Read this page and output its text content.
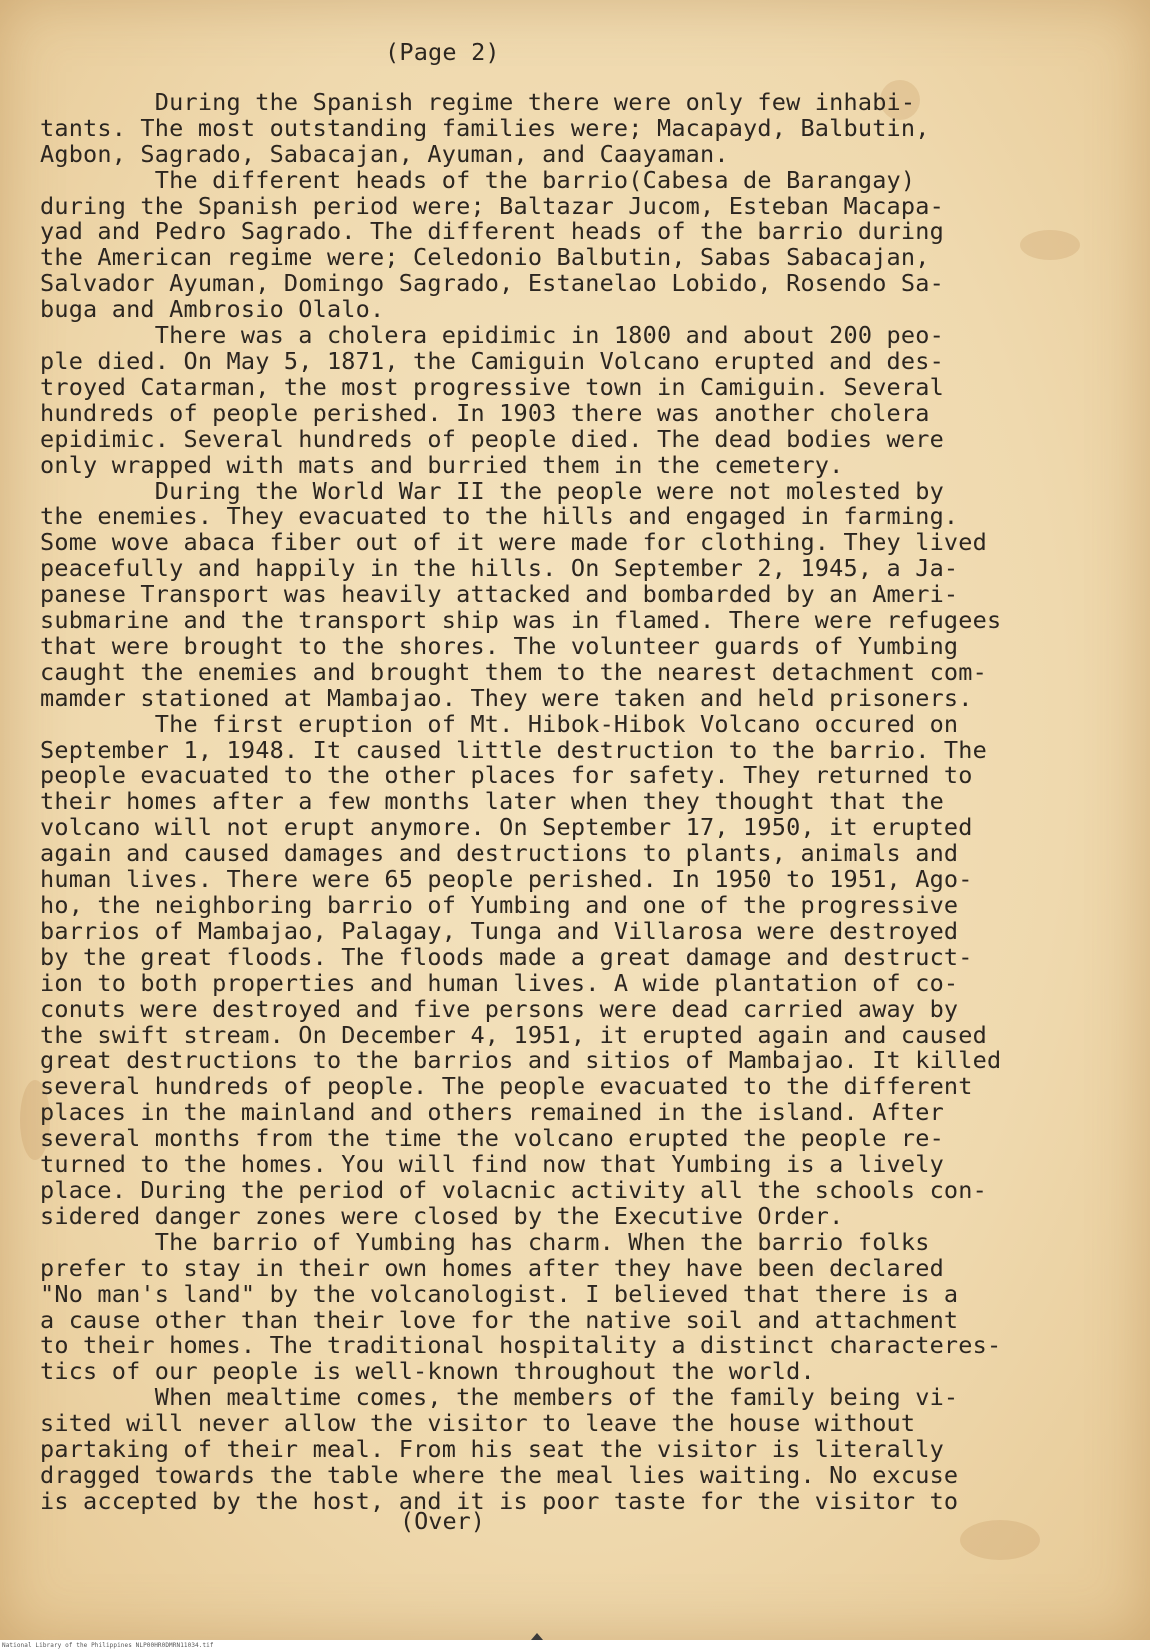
(Page 2)
During the Spanish regime there were only few inhabi-
tants. The most outstanding families were; Macapayd, Balbutin,
Agbon, Sagrado, Sabacajan, Ayuman, and Caayaman.
The different heads of the barrio(Cabesa de Barangay)
during the Spanish period were; Baltazar Jucom, Esteban Macapa-
yad and Pedro Sagrado. The different heads of the barrio during
the American regime were; Celedonio Balbutin, Sabas Sabacajan,
Salvador Ayuman, Domingo Sagrado, Estanelao Lobido, Rosendo Sa-
buga and Ambrosio Olalo.
There was a cholera epidimic in 1800 and about 200 peo-
ple died. On May 5, 1871, the Camiguin Volcano erupted and des-
troyed Catarman, the most progressive town in Camiguin. Several
hundreds of people perished. In 1903 there was another cholera
epidimic. Several hundreds of people died. The dead bodies were
only wrapped with mats and burried them in the cemetery.
During the World War II the people were not molested by
the enemies. They evacuated to the hills and engaged in farming.
Some wove abaca fiber out of it were made for clothing. They lived
peacefully and happily in the hills. On September 2, 1945, a Ja-
panese Transport was heavily attacked and bombarded by an Ameri-
submarine and the transport ship was in flamed. There were refugees
that were brought to the shores. The volunteer guards of Yumbing
caught the enemies and brought them to the nearest detachment com-
mamder stationed at Mambajao. They were taken and held prisoners.
The first eruption of Mt. Hibok-Hibok Volcano occured on
September 1, 1948. It caused little destruction to the barrio. The
people evacuated to the other places for safety. They returned to
their homes after a few months later when they thought that the
volcano will not erupt anymore. On September 17, 1950, it erupted
again and caused damages and destructions to plants, animals and
human lives. There were 65 people perished. In 1950 to 1951, Ago-
ho, the neighboring barrio of Yumbing and one of the progressive
barrios of Mambajao, Palagay, Tunga and Villarosa were destroyed
by the great floods. The floods made a great damage and destruct-
ion to both properties and human lives. A wide plantation of co-
conuts were destroyed and five persons were dead carried away by
the swift stream. On December 4, 1951, it erupted again and caused
great destructions to the barrios and sitios of Mambajao. It killed
several hundreds of people. The people evacuated to the different
places in the mainland and others remained in the island. After
several months from the time the volcano erupted the people re-
turned to the homes. You will find now that Yumbing is a lively
place. During the period of volacnic activity all the schools con-
sidered danger zones were closed by the Executive Order.
The barrio of Yumbing has charm. When the barrio folks
prefer to stay in their own homes after they have been declared
"No man's land" by the volcanologist. I believed that there is a
a cause other than their love for the native soil and attachment
to their homes. The traditional hospitality a distinct characteres-
tics of our people is well-known throughout the world.
When mealtime comes, the members of the family being vi-
sited will never allow the visitor to leave the house without
partaking of their meal. From his seat the visitor is literally
dragged towards the table where the meal lies waiting. No excuse
is accepted by the host, and it is poor taste for the visitor to
(Over)
National Library of the Philippines NLP00HR0DMRN11034.tif
